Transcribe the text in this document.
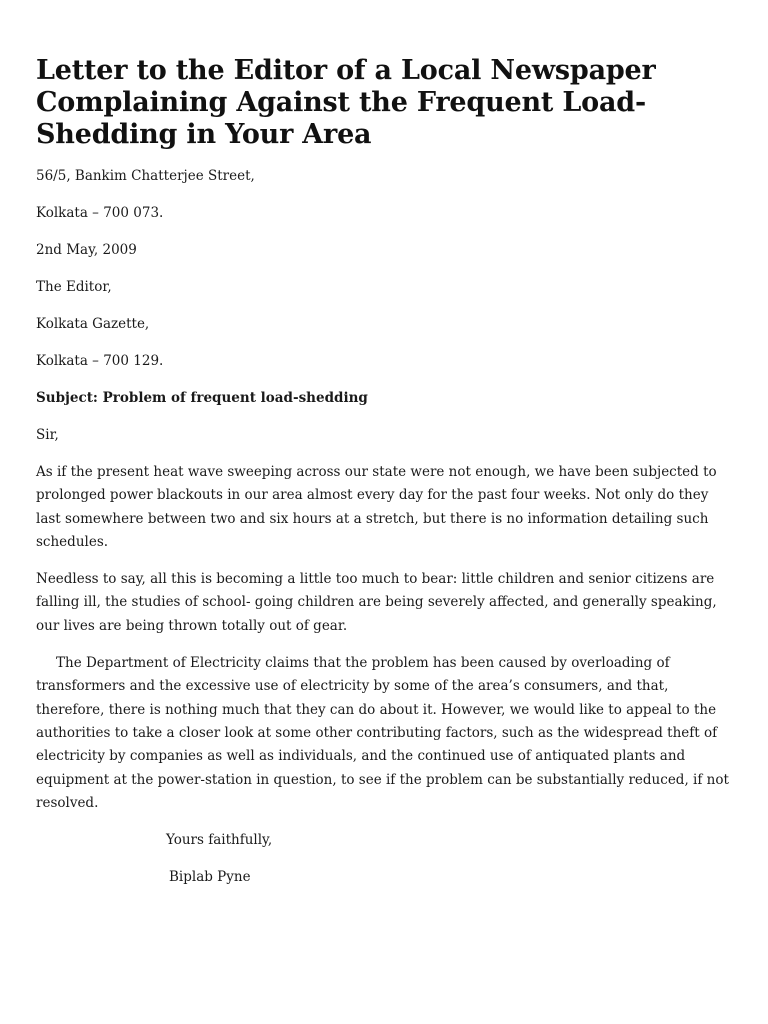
Letter to the Editor of a Local Newspaper Complaining Against the Frequent Load-Shedding in Your Area

56/5, Bankim Chatterjee Street,

Kolkata – 700 073.

2nd May, 2009

The Editor,

Kolkata Gazette,

Kolkata – 700 129.

Subject: Problem of frequent load-shedding

Sir,

As if the present heat wave sweeping across our state were not enough, we have been subjected to prolonged power blackouts in our area almost every day for the past four weeks. Not only do they last somewhere between two and six hours at a stretch, but there is no information detailing such schedules.

Needless to say, all this is becoming a little too much to bear: little children and senior citizens are falling ill, the studies of school- going children are being severely affected, and generally speaking, our lives are being thrown totally out of gear.

The Department of Electricity claims that the problem has been caused by overloading of transformers and the excessive use of electricity by some of the area’s consumers, and that, therefore, there is nothing much that they can do about it. However, we would like to appeal to the authorities to take a closer look at some other contributing factors, such as the widespread theft of electricity by companies as well as individuals, and the continued use of antiquated plants and equipment at the power-station in question, to see if the problem can be substantially reduced, if not resolved.

Yours faithfully,

Biplab Pyne
